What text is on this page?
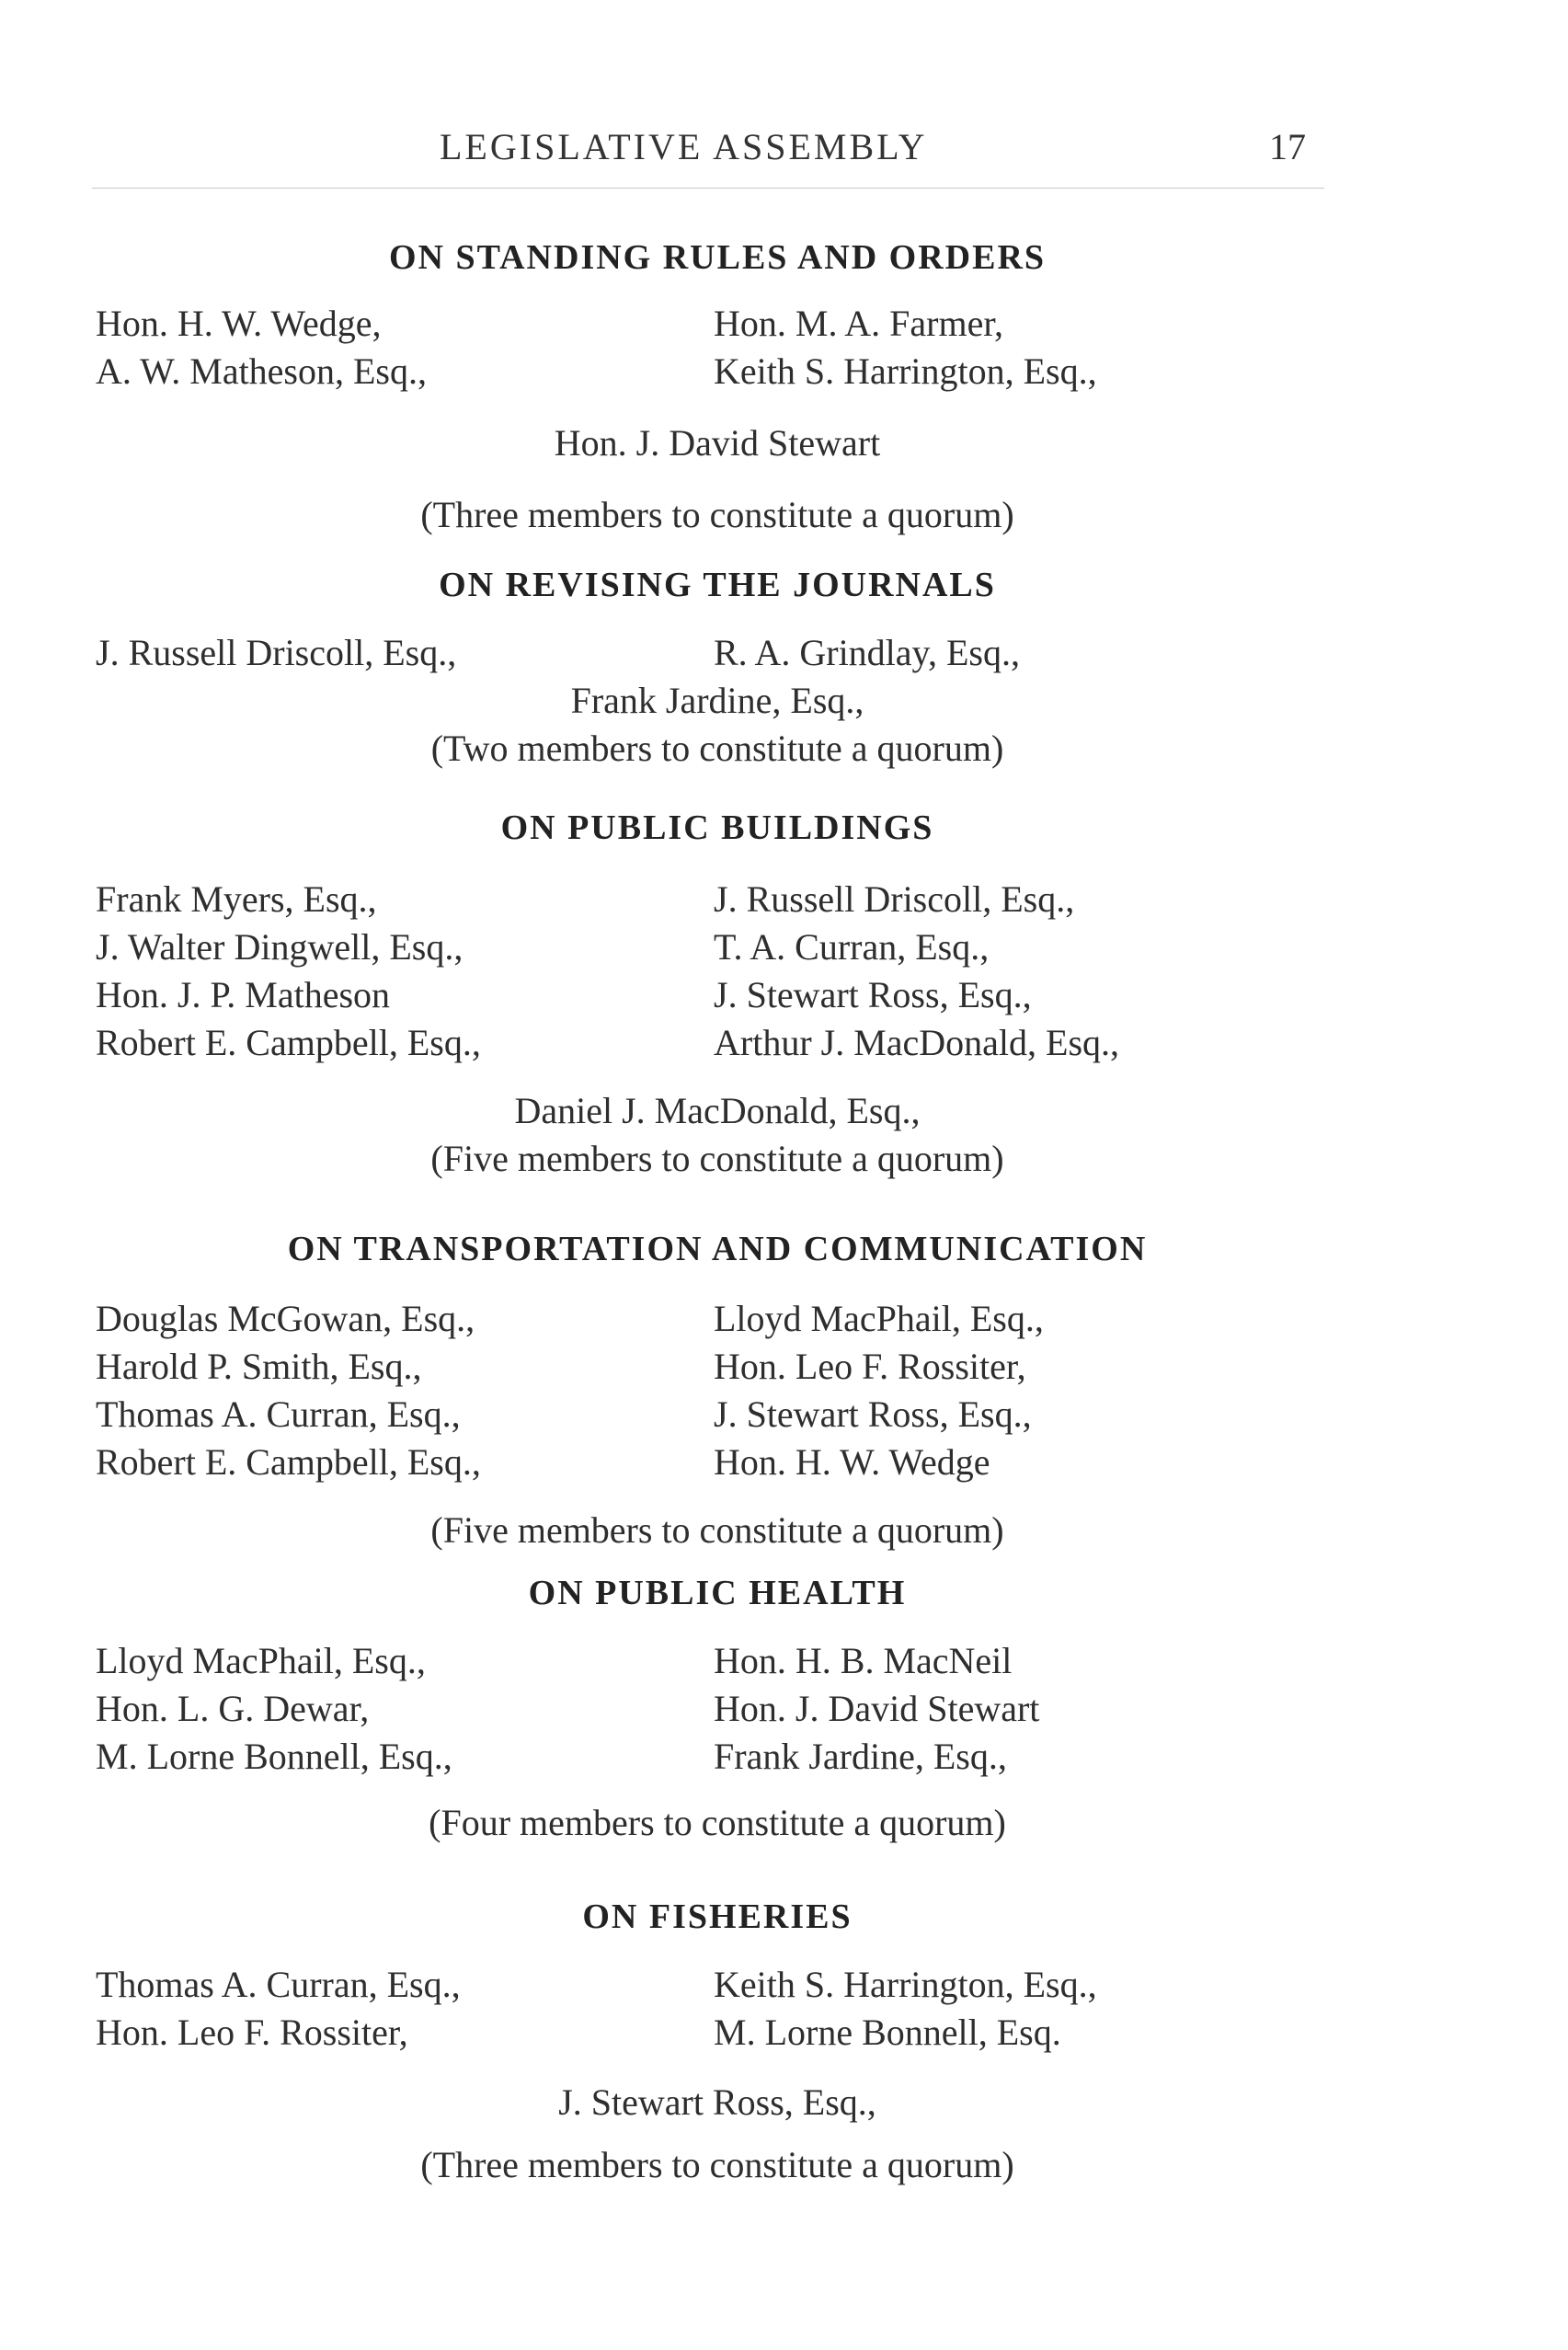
LEGISLATIVE ASSEMBLY	17
ON STANDING RULES AND ORDERS
Hon. H. W. Wedge,	Hon. M. A. Farmer,
A. W. Matheson, Esq.,	Keith S. Harrington, Esq.,
Hon. J. David Stewart
(Three members to constitute a quorum)
ON REVISING THE JOURNALS
J. Russell Driscoll, Esq.,	R. A. Grindlay, Esq.,
Frank Jardine, Esq.,
(Two members to constitute a quorum)
ON PUBLIC BUILDINGS
Frank Myers, Esq.,	J. Russell Driscoll, Esq.,
J. Walter Dingwell, Esq.,	T. A. Curran, Esq.,
Hon. J. P. Matheson	J. Stewart Ross, Esq.,
Robert E. Campbell, Esq.,	Arthur J. MacDonald, Esq.,
Daniel J. MacDonald, Esq.,
(Five members to constitute a quorum)
ON TRANSPORTATION AND COMMUNICATION
Douglas McGowan, Esq.,	Lloyd MacPhail, Esq.,
Harold P. Smith, Esq.,	Hon. Leo F. Rossiter,
Thomas A. Curran, Esq.,	J. Stewart Ross, Esq.,
Robert E. Campbell, Esq.,	Hon. H. W. Wedge
(Five members to constitute a quorum)
ON PUBLIC HEALTH
Lloyd MacPhail, Esq.,	Hon. H. B. MacNeil
Hon. L. G. Dewar,	Hon. J. David Stewart
M. Lorne Bonnell, Esq.,	Frank Jardine, Esq.,
(Four members to constitute a quorum)
ON FISHERIES
Thomas A. Curran, Esq.,	Keith S. Harrington, Esq.,
Hon. Leo F. Rossiter,	M. Lorne Bonnell, Esq.
J. Stewart Ross, Esq.,
(Three members to constitute a quorum)
